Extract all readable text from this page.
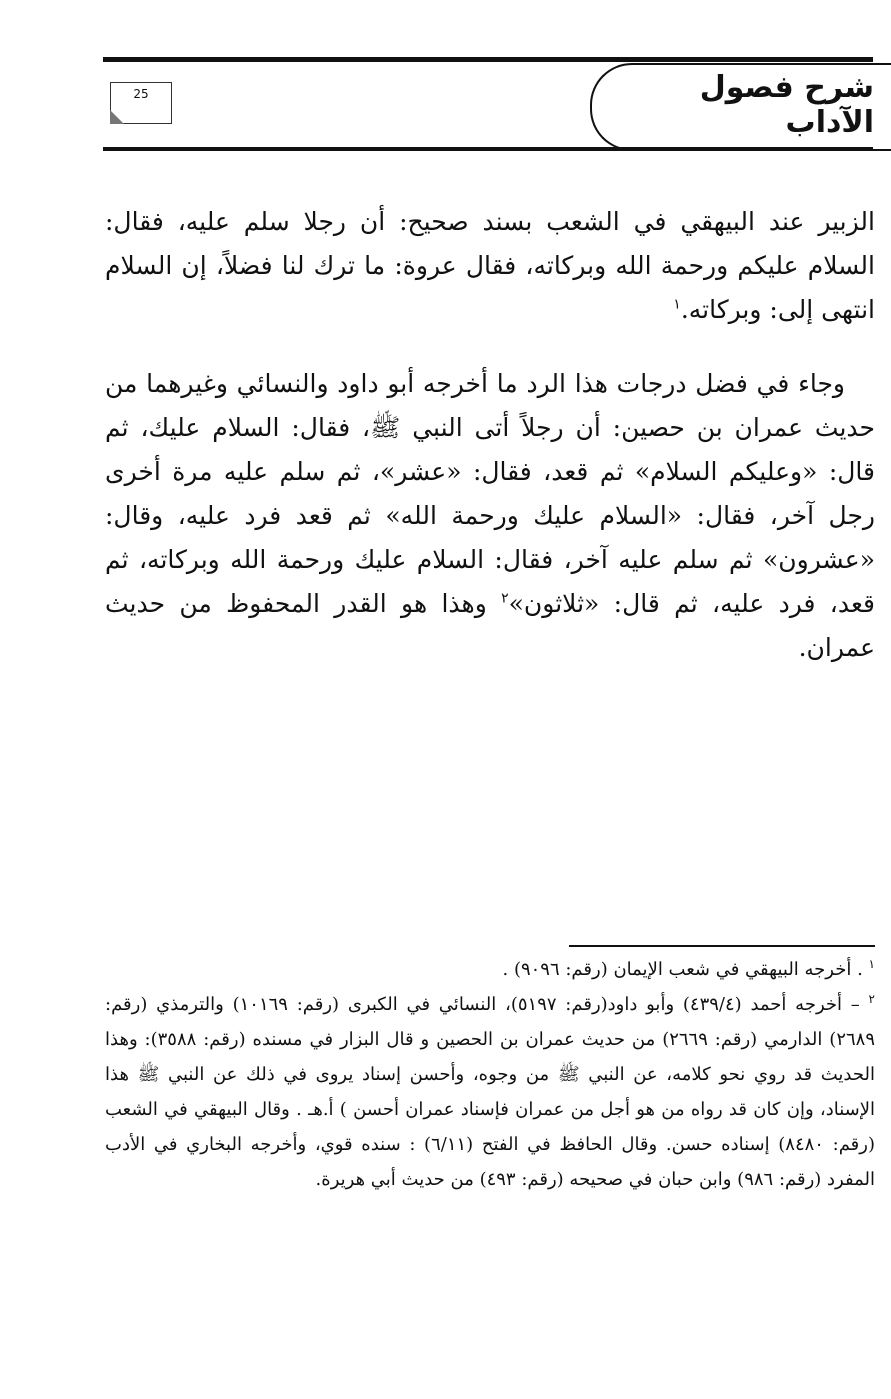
شرح فصول الآداب
25

الزبير عند البيهقي في الشعب بسند صحيح: أن رجلا سلم عليه، فقال: السلام عليكم ورحمة الله وبركاته، فقال عروة: ما ترك لنا فضلاً، إن السلام انتهى إلى: وبركاته.$^١$

وجاء في فضل درجات هذا الرد ما أخرجه أبو داود والنسائي وغيرهما من حديث عمران بن حصين: أن رجلاً أتى النبي ﷺ، فقال: السلام عليك، ثم قال: «وعليكم السلام» ثم قعد، فقال: «عشر»، ثم سلم عليه مرة أخرى رجل آخر، فقال: «السلام عليك ورحمة الله» ثم قعد فرد عليه، وقال: «عشرون» ثم سلم عليه آخر، فقال: السلام عليك ورحمة الله وبركاته، ثم قعد، فرد عليه، ثم قال: «ثلاثون»$^٢$ وهذا هو القدر المحفوظ من حديث عمران.

$^١$ . أخرجه البيهقي في شعب الإيمان (رقم: ٩٠٩٦) .

$^٢$ – أخرجه أحمد (٤٣٩/٤) وأبو داود(رقم: ٥١٩٧)، النسائي في الكبرى (رقم: ١٠١٦٩) والترمذي (رقم: ٢٦٨٩) الدارمي (رقم: ٢٦٦٩) من حديث عمران بن الحصين و قال البزار في مسنده (رقم: ٣٥٨٨): وهذا الحديث قد روي نحو كلامه، عن النبي ﷺ من وجوه، وأحسن إسناد يروى في ذلك عن النبي ﷺ هذا الإسناد، وإن كان قد رواه من هو أجل من عمران فإسناد عمران أحسن ) أ.هـ . وقال البيهقي في الشعب (رقم: ٨٤٨٠) إسناده حسن. وقال الحافظ في الفتح (٦/١١) : سنده قوي، وأخرجه البخاري في الأدب المفرد (رقم: ٩٨٦) وابن حبان في صحيحه (رقم: ٤٩٣) من حديث أبي هريرة.
